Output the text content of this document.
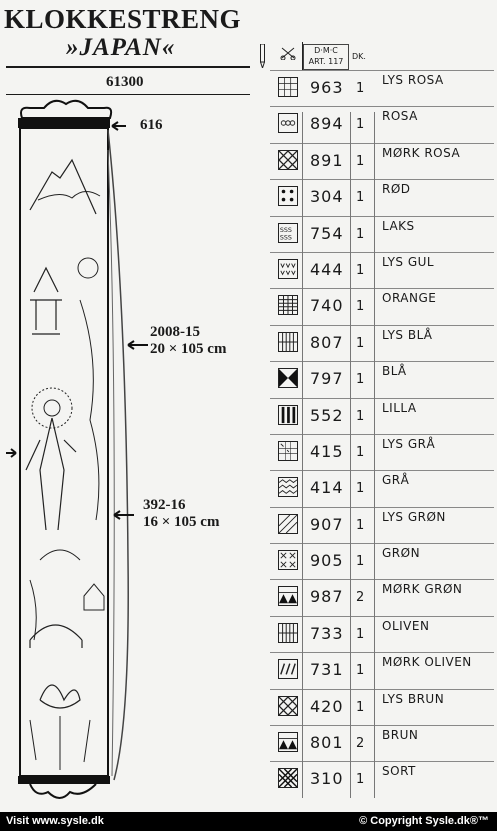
KLOKKESTRENG
»JAPAN«
61300
616
2008-15
20 × 105 cm
392-16
16 × 105 cm
D·M·C
ART. 117
DK.
963 1
LYS ROSA
894 1
ROSA
891 1
MØRK ROSA
304 1
RØD
SSS
SSS 754 1
LAKS
444 1
LYS GUL
740 1
ORANGE
807 1
LYS BLÅ
797 1
BLÅ
552 1
LILLA
415 1
LYS GRÅ
414 1
GRÅ
907 1
LYS GRØN
905 1
GRØN
987 2
MØRK GRØN
733 1
OLIVEN
731 1
MØRK OLIVEN
420 1
LYS BRUN
801 2
BRUN
310 1
SORT
Visit www.sysle.dk	© Copyright Sysle.dk®™
